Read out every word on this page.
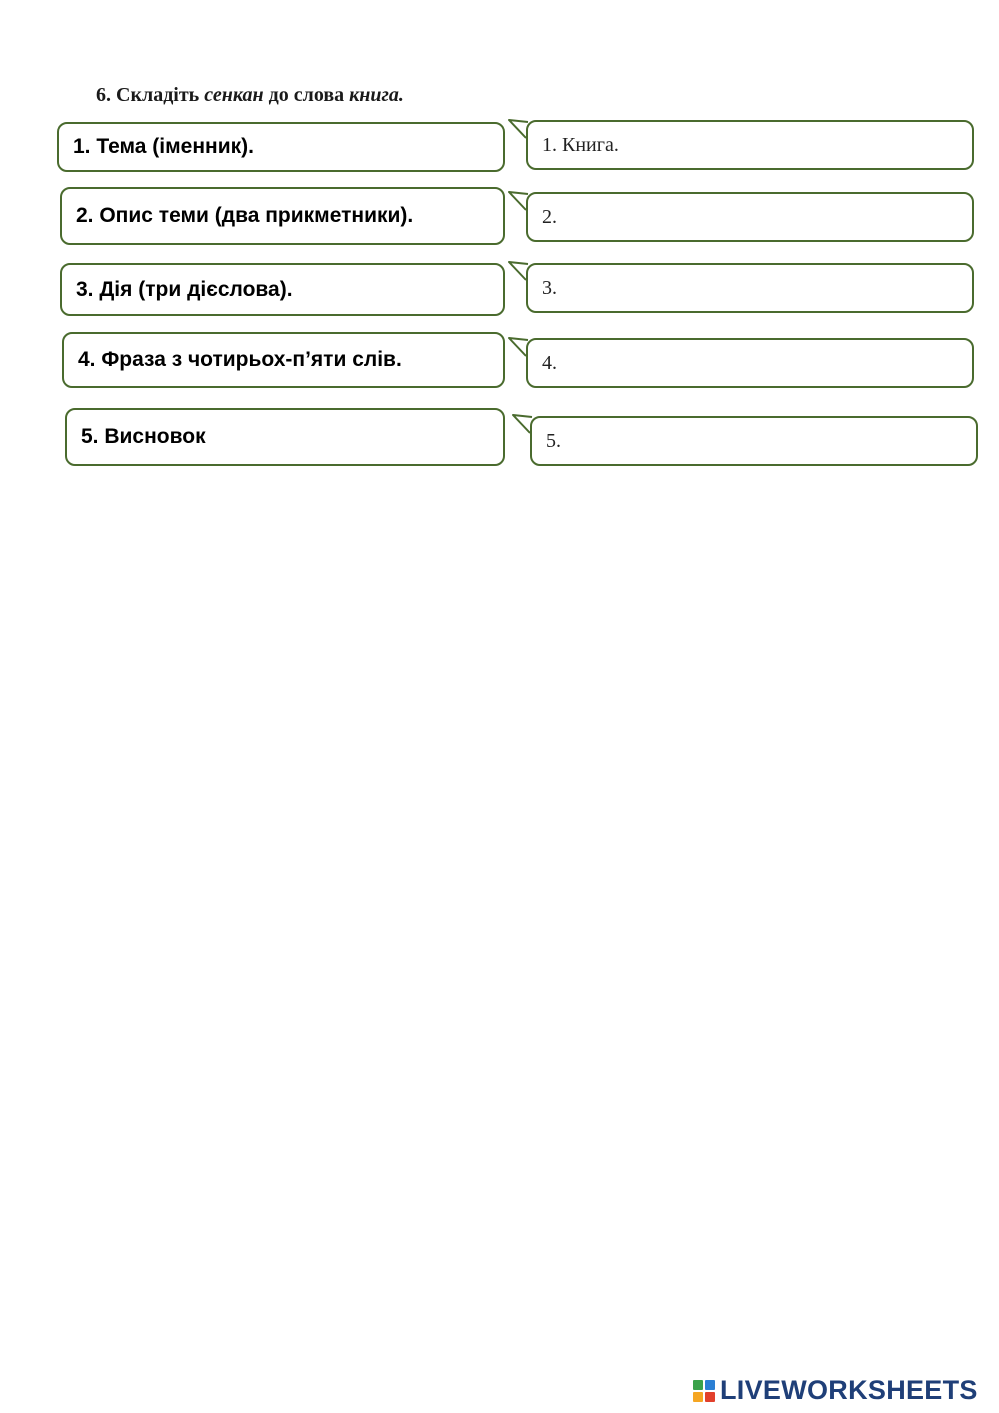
6. Складіть сенкан до слова книга.
1. Тема (іменник).	1. Книга.
2. Опис теми (два прикметники).	2.
3. Дія (три дієслова).	3.
4. Фраза з чотирьох-п’яти слів.	4.
5. Висновок	5.
LIVEWORKSHEETS
